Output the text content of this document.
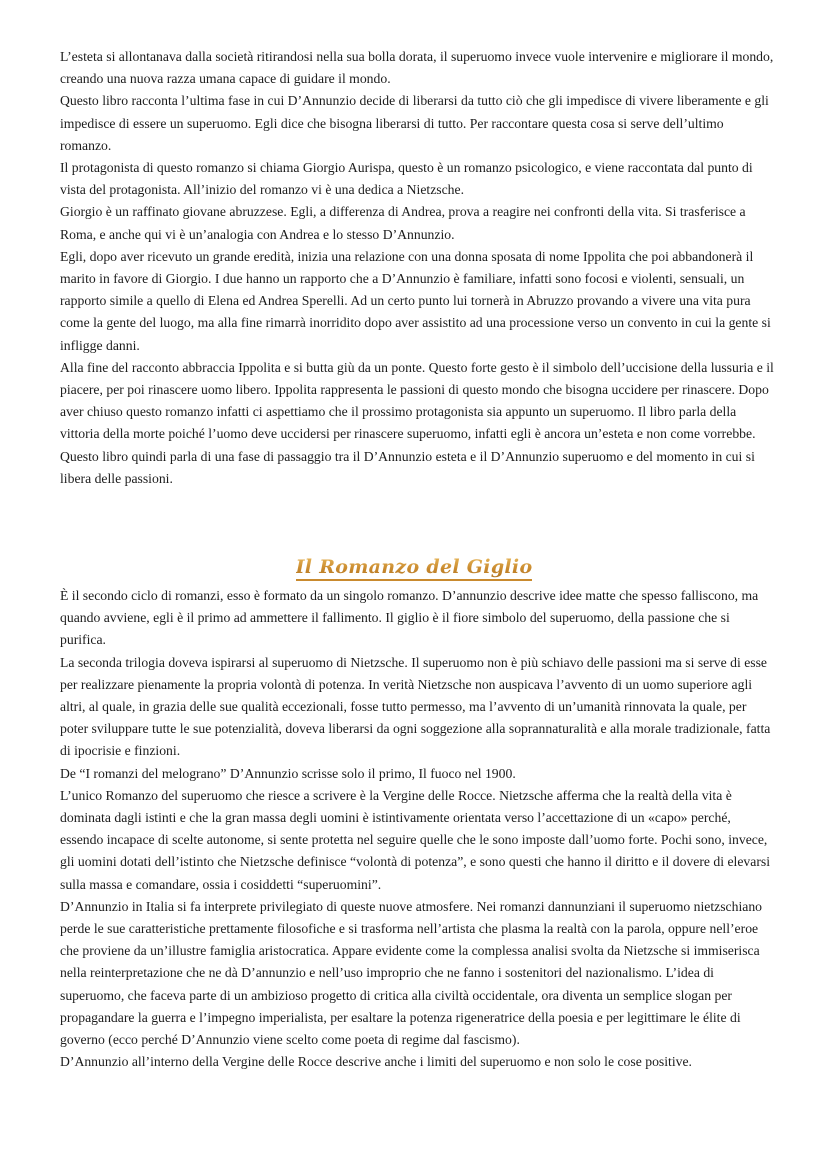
L’esteta si allontanava dalla società ritirandosi nella sua bolla dorata, il superuomo invece vuole intervenire e migliorare il mondo, creando una nuova razza umana capace di guidare il mondo.

Questo libro racconta l’ultima fase in cui D’Annunzio decide di liberarsi da tutto ciò che gli impedisce di vivere liberamente e gli impedisce di essere un superuomo. Egli dice che bisogna liberarsi di tutto. Per raccontare questa cosa si serve dell’ultimo romanzo.

Il protagonista di questo romanzo si chiama Giorgio Aurispa, questo è un romanzo psicologico, e viene raccontata dal punto di vista del protagonista. All’inizio del romanzo vi è una dedica a Nietzsche.

Giorgio è un raffinato giovane abruzzese. Egli, a differenza di Andrea, prova a reagire nei confronti della vita. Si trasferisce a Roma, e anche qui vi è un’analogia con Andrea e lo stesso D’Annunzio.

Egli, dopo aver ricevuto un grande eredità, inizia una relazione con una donna sposata di nome Ippolita che poi abbandonerà il marito in favore di Giorgio. I due hanno un rapporto che a D’Annunzio è familiare, infatti sono focosi e violenti, sensuali, un rapporto simile a quello di Elena ed Andrea Sperelli. Ad un certo punto lui tornerà in Abruzzo provando a vivere una vita pura come la gente del luogo, ma alla fine rimarrà inorridito dopo aver assistito ad una processione verso un convento in cui la gente si infligge danni.

Alla fine del racconto abbraccia Ippolita e si butta giù da un ponte. Questo forte gesto è il simbolo dell’uccisione della lussuria e il piacere, per poi rinascere uomo libero. Ippolita rappresenta le passioni di questo mondo che bisogna uccidere per rinascere. Dopo aver chiuso questo romanzo infatti ci aspettiamo che il prossimo protagonista sia appunto un superuomo. Il libro parla della vittoria della morte poiché l’uomo deve uccidersi per rinascere superuomo, infatti egli è ancora un’esteta e non come vorrebbe.

Questo libro quindi parla di una fase di passaggio tra il D’Annunzio esteta e il D’Annunzio superuomo e del momento in cui si libera delle passioni.

Il Romanzo del Giglio

È il secondo ciclo di romanzi, esso è formato da un singolo romanzo. D’annunzio descrive idee matte che spesso falliscono, ma quando avviene, egli è il primo ad ammettere il fallimento. Il giglio è il fiore simbolo del superuomo, della passione che si purifica.

La seconda trilogia doveva ispirarsi al superuomo di Nietzsche. Il superuomo non è più schiavo delle passioni ma si serve di esse per realizzare pienamente la propria volontà di potenza. In verità Nietzsche non auspicava l’avvento di un uomo superiore agli altri, al quale, in grazia delle sue qualità eccezionali, fosse tutto permesso, ma l’avvento di un’umanità rinnovata la quale, per poter sviluppare tutte le sue potenzialità, doveva liberarsi da ogni soggezione alla soprannaturalità e alla morale tradizionale, fatta di ipocrisie e finzioni.

De “I romanzi del melograno” D’Annunzio scrisse solo il primo, Il fuoco nel 1900.

L’unico Romanzo del superuomo che riesce a scrivere è la Vergine delle Rocce. Nietzsche afferma che la realtà della vita è dominata dagli istinti e che la gran massa degli uomini è istintivamente orientata verso l’accettazione di un «capo» perché, essendo incapace di scelte autonome, si sente protetta nel seguire quelle che le sono imposte dall’uomo forte. Pochi sono, invece, gli uomini dotati dell’istinto che Nietzsche definisce “volontà di potenza”, e sono questi che hanno il diritto e il dovere di elevarsi sulla massa e comandare, ossia i cosiddetti “superuomini”.

D’Annunzio in Italia si fa interprete privilegiato di queste nuove atmosfere. Nei romanzi dannunziani il superuomo nietzschiano perde le sue caratteristiche prettamente filosofiche e si trasforma nell’artista che plasma la realtà con la parola, oppure nell’eroe che proviene da un’illustre famiglia aristocratica. Appare evidente come la complessa analisi svolta da Nietzsche si immiserisca nella reinterpretazione che ne dà D’annunzio e nell’uso improprio che ne fanno i sostenitori del nazionalismo. L’idea di superuomo, che faceva parte di un ambizioso progetto di critica alla civiltà occidentale, ora diventa un semplice slogan per propagandare la guerra e l’impegno imperialista, per esaltare la potenza rigeneratrice della poesia e per legittimare le élite di governo (ecco perché D’Annunzio viene scelto come poeta di regime dal fascismo).

D’Annunzio all’interno della Vergine delle Rocce descrive anche i limiti del superuomo e non solo le cose positive.
